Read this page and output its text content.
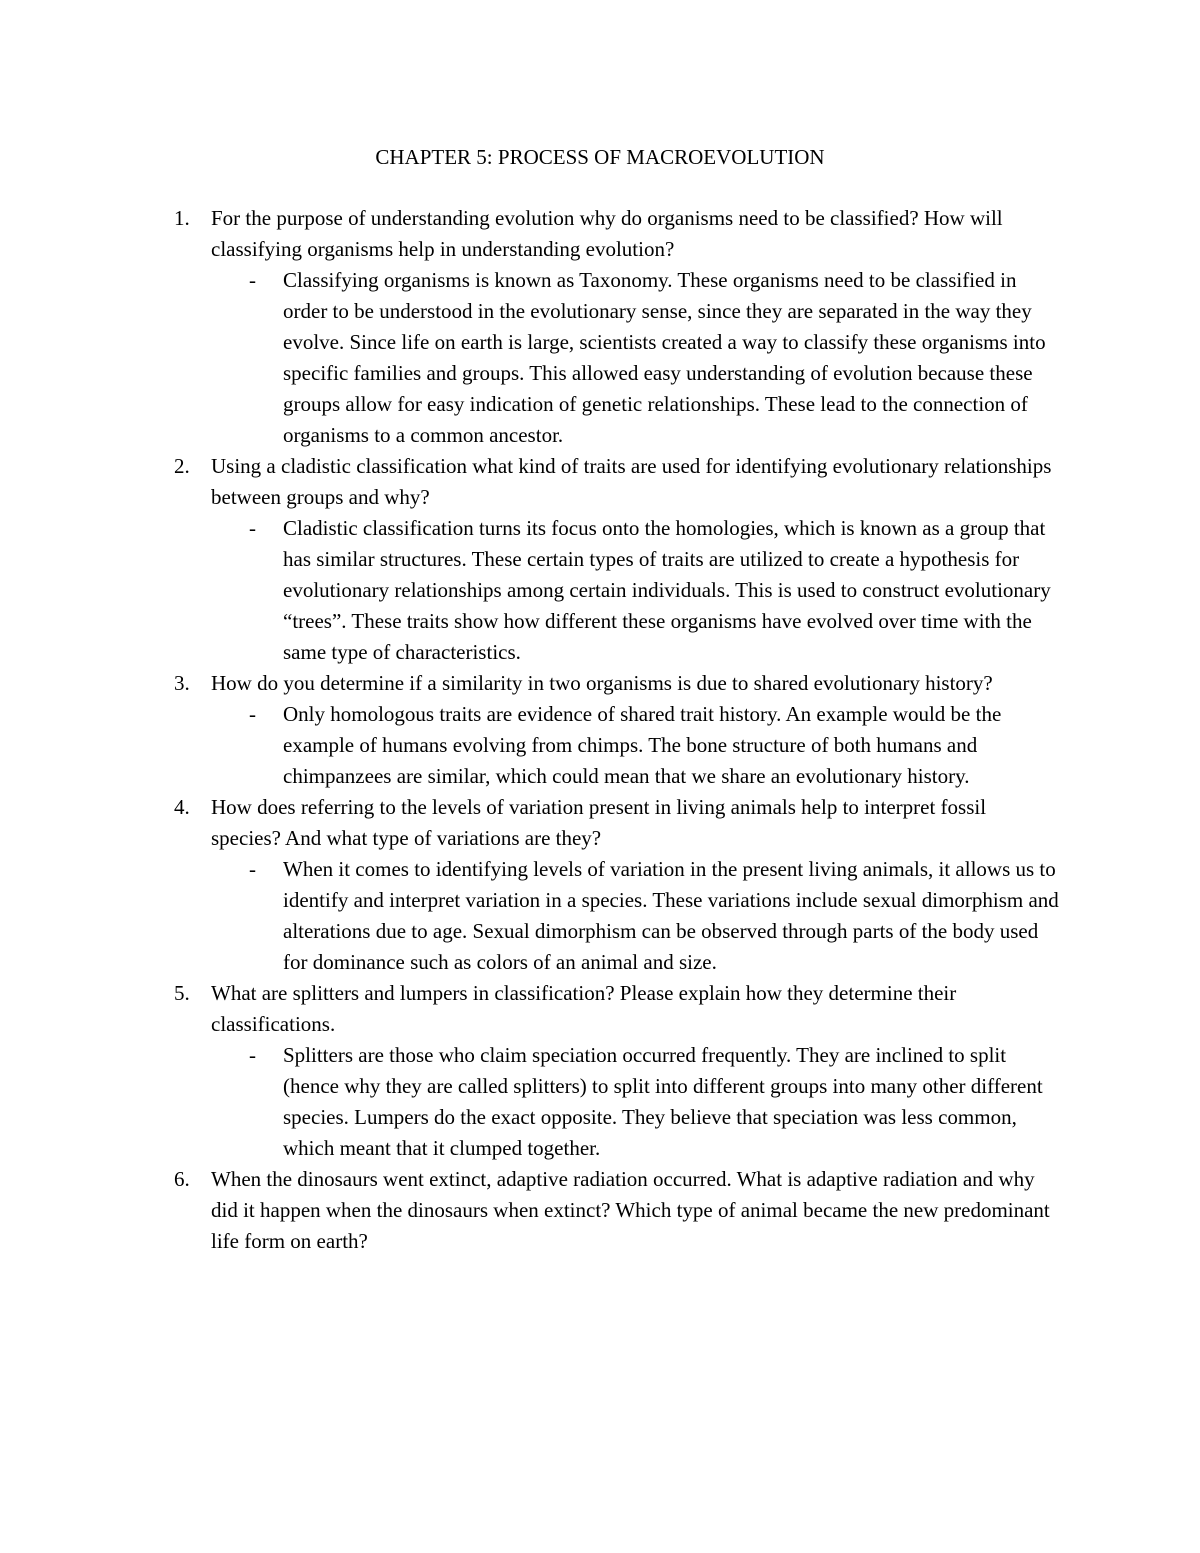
CHAPTER 5: PROCESS OF MACROEVOLUTION
1. For the purpose of understanding evolution why do organisms need to be classified? How will classifying organisms help in understanding evolution?
- Classifying organisms is known as Taxonomy. These organisms need to be classified in order to be understood in the evolutionary sense, since they are separated in the way they evolve. Since life on earth is large, scientists created a way to classify these organisms into specific families and groups. This allowed easy understanding of evolution because these groups allow for easy indication of genetic relationships. These lead to the connection of organisms to a common ancestor.
2. Using a cladistic classification what kind of traits are used for identifying evolutionary relationships between groups and why?
- Cladistic classification turns its focus onto the homologies, which is known as a group that has similar structures. These certain types of traits are utilized to create a hypothesis for evolutionary relationships among certain individuals. This is used to construct evolutionary “trees”. These traits show how different these organisms have evolved over time with the same type of characteristics.
3. How do you determine if a similarity in two organisms is due to shared evolutionary history?
- Only homologous traits are evidence of shared trait history. An example would be the example of humans evolving from chimps. The bone structure of both humans and chimpanzees are similar, which could mean that we share an evolutionary history.
4. How does referring to the levels of variation present in living animals help to interpret fossil species? And what type of variations are they?
- When it comes to identifying levels of variation in the present living animals, it allows us to identify and interpret variation in a species. These variations include sexual dimorphism and alterations due to age. Sexual dimorphism can be observed through parts of the body used for dominance such as colors of an animal and size.
5. What are splitters and lumpers in classification? Please explain how they determine their classifications.
- Splitters are those who claim speciation occurred frequently. They are inclined to split (hence why they are called splitters) to split into different groups into many other different species. Lumpers do the exact opposite. They believe that speciation was less common, which meant that it clumped together.
6. When the dinosaurs went extinct, adaptive radiation occurred. What is adaptive radiation and why did it happen when the dinosaurs when extinct? Which type of animal became the new predominant life form on earth?
